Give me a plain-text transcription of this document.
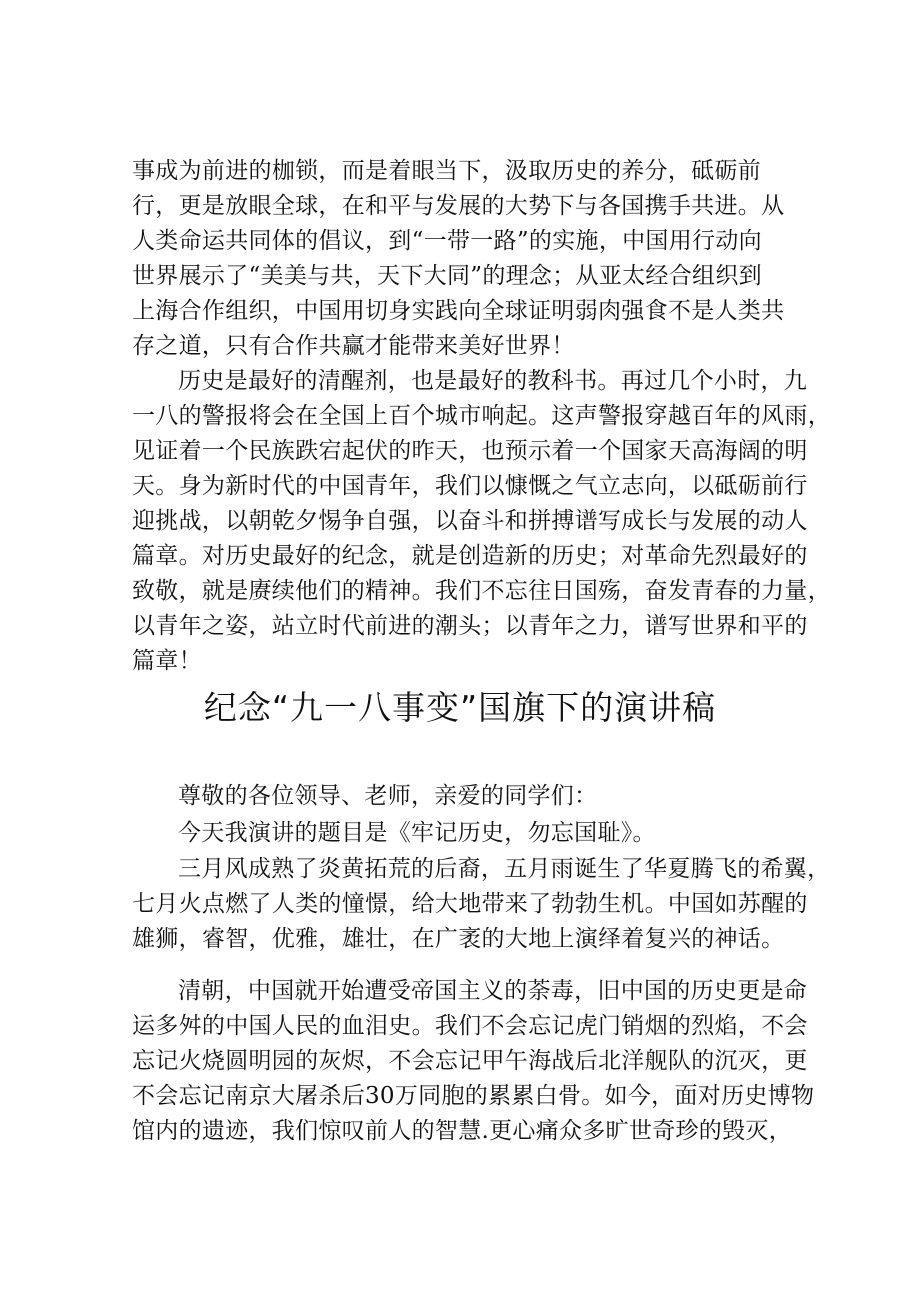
事成为前进的枷锁，而是着眼当下，汲取历史的养分，砥砺前
行，更是放眼全球，在和平与发展的大势下与各国携手共进。从
人类命运共同体的倡议，到“一带一路”的实施，中国用行动向
世界展示了“美美与共，天下大同”的理念；从亚太经合组织到
上海合作组织，中国用切身实践向全球证明弱肉强食不是人类共
存之道，只有合作共赢才能带来美好世界！
历史是最好的清醒剂，也是最好的教科书。再过几个小时，九
一八的警报将会在全国上百个城市响起。这声警报穿越百年的风雨，
见证着一个民族跌宕起伏的昨天，也预示着一个国家天高海阔的明
天。身为新时代的中国青年，我们以慷慨之气立志向，以砥砺前行
迎挑战，以朝乾夕惕争自强，以奋斗和拼搏谱写成长与发展的动人
篇章。对历史最好的纪念，就是创造新的历史；对革命先烈最好的
致敬，就是赓续他们的精神。我们不忘往日国殇，奋发青春的力量，
以青年之姿，站立时代前进的潮头；以青年之力，谱写世界和平的
篇章！
纪念“九一八事变”国旗下的演讲稿
尊敬的各位领导、老师，亲爱的同学们：
今天我演讲的题目是《牢记历史，勿忘国耻》。
三月风成熟了炎黄拓荒的后裔，五月雨诞生了华夏腾飞的希翼，
七月火点燃了人类的憧憬，给大地带来了勃勃生机。中国如苏醒的
雄狮，睿智，优雅，雄壮，在广袤的大地上演绎着复兴的神话。
清朝，中国就开始遭受帝国主义的荼毒，旧中国的历史更是命
运多舛的中国人民的血泪史。我们不会忘记虎门销烟的烈焰，不会
忘记火烧圆明园的灰烬，不会忘记甲午海战后北洋舰队的沉灭，更
不会忘记南京大屠杀后30万同胞的累累白骨。如今，面对历史博物
馆内的遗迹，我们惊叹前人的智慧.更心痛众多旷世奇珍的毁灭，
